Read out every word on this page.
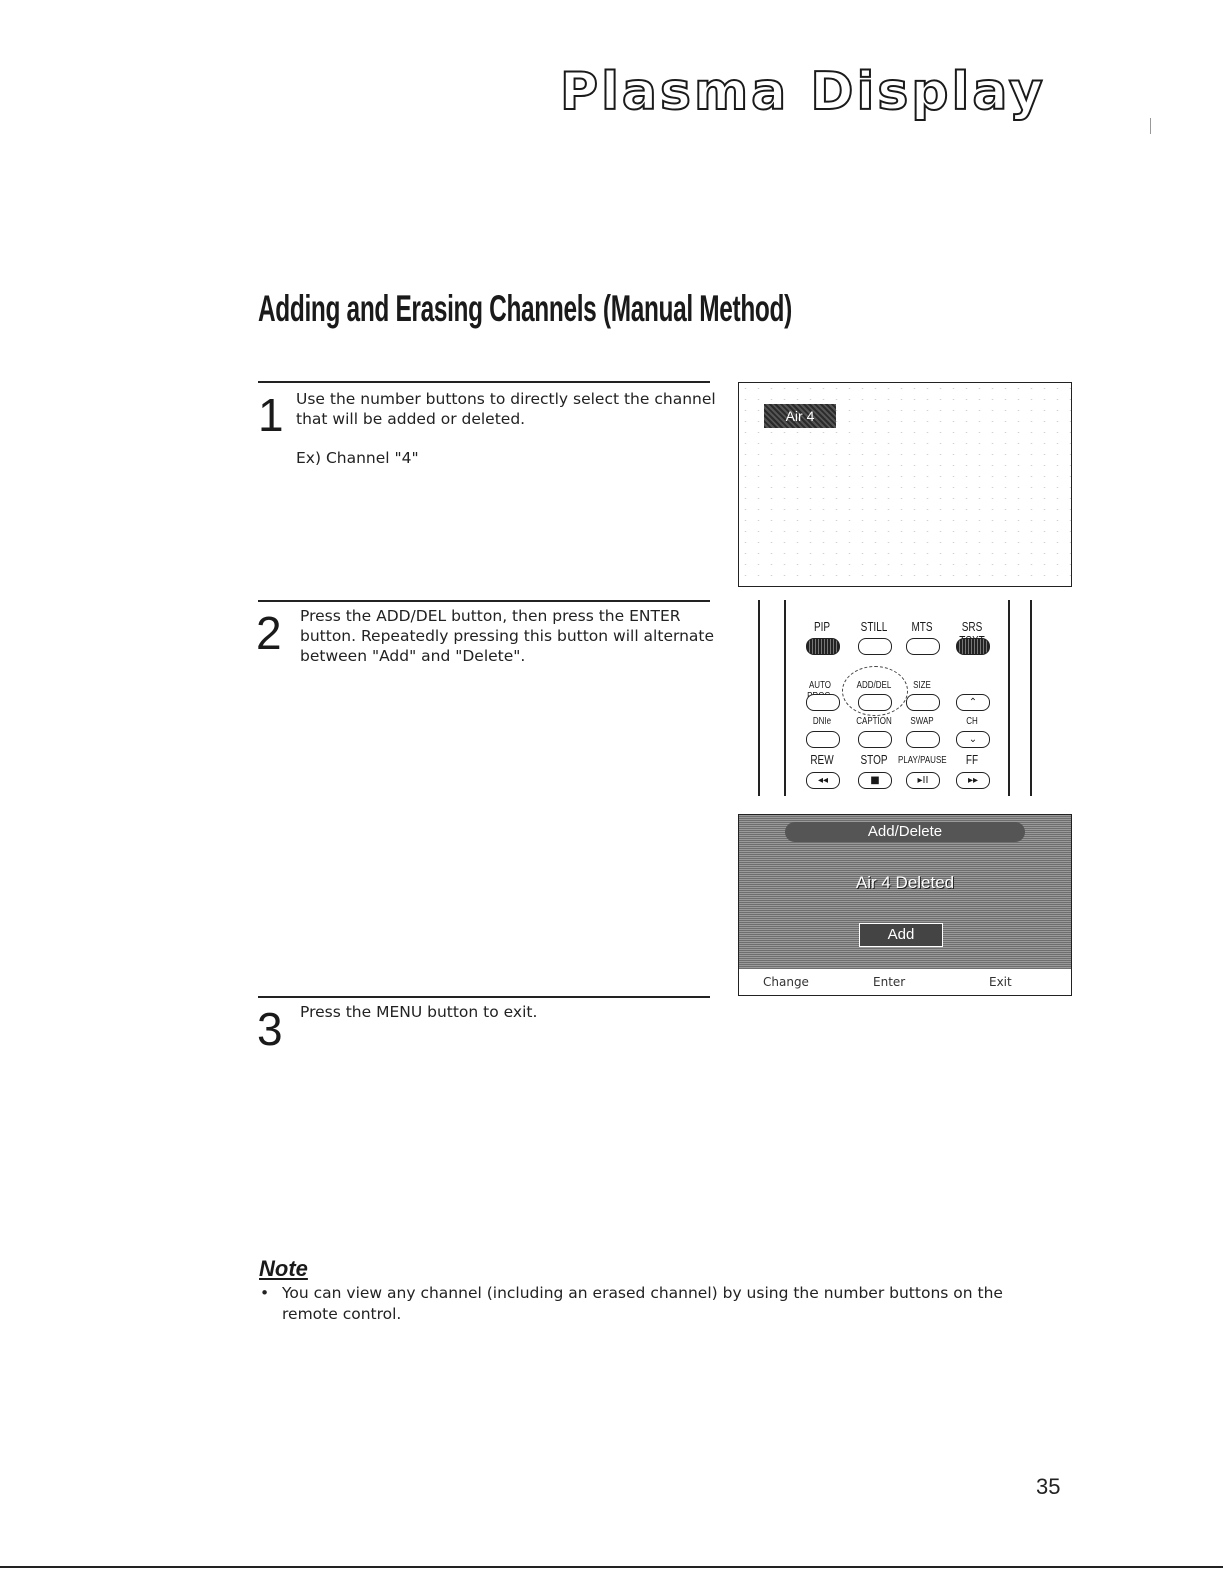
Plasma Display
Adding and Erasing Channels (Manual Method)
1 Use the number buttons to directly select the channel
that will be added or deleted.
Ex) Channel "4"
Air 4
2 Press the ADD/DEL button, then press the ENTER
button. Repeatedly pressing this button will alternate
between "Add" and "Delete".
PIP	STILL	MTS	SRS
AUTO	ADD/DEL	SIZE
⌃
DNIe	CAPTION	SWAP	CH
⌄
REW	STOP	PLAY/PAUSE	FF
◂◂	■	▸II	▸▸
Add/Delete
Air 4 Deleted
Add
Change	Enter	Exit
3 Press the MENU button to exit.
Note
• You can view any channel (including an erased channel) by using the number buttons on the remote control.
35
